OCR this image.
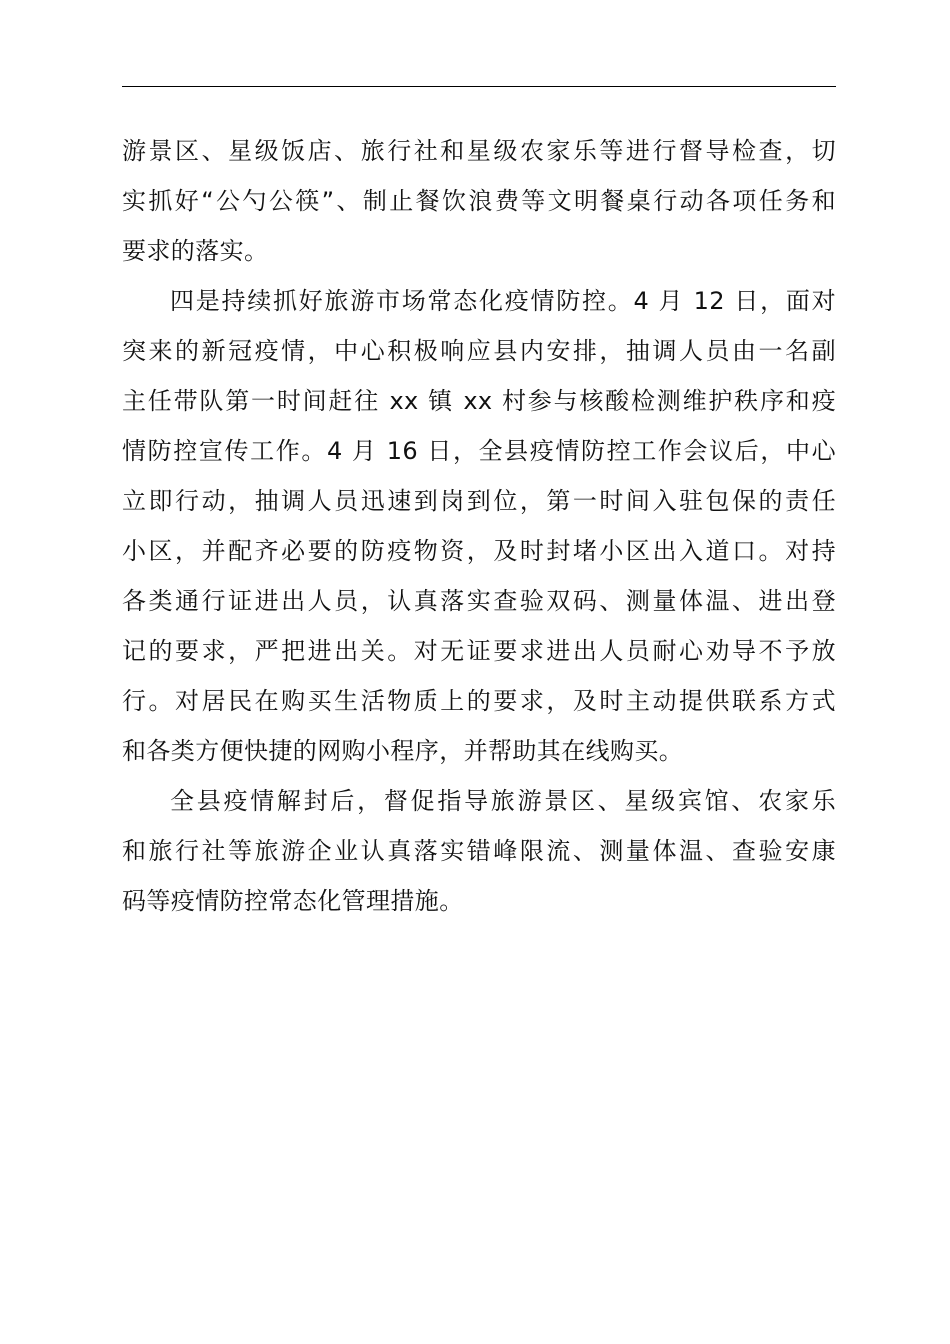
游景区、星级饭店、旅行社和星级农家乐等进行督导检查，切
实抓好“公勺公筷”、制止餐饮浪费等文明餐桌行动各项任务和
要求的落实。

四是持续抓好旅游市场常态化疫情防控。4 月 12 日，面对
突来的新冠疫情，中心积极响应县内安排，抽调人员由一名副
主任带队第一时间赶往 xx 镇 xx 村参与核酸检测维护秩序和疫
情防控宣传工作。4 月 16 日，全县疫情防控工作会议后，中心
立即行动，抽调人员迅速到岗到位，第一时间入驻包保的责任
小区，并配齐必要的防疫物资，及时封堵小区出入道口。对持
各类通行证进出人员，认真落实查验双码、测量体温、进出登
记的要求，严把进出关。对无证要求进出人员耐心劝导不予放
行。对居民在购买生活物质上的要求，及时主动提供联系方式
和各类方便快捷的网购小程序，并帮助其在线购买。

全县疫情解封后，督促指导旅游景区、星级宾馆、农家乐
和旅行社等旅游企业认真落实错峰限流、测量体温、查验安康
码等疫情防控常态化管理措施。
